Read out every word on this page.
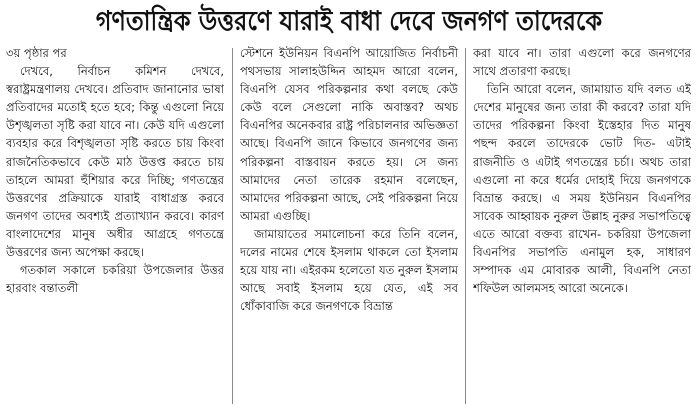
গণতান্ত্রিক উত্তরণে যারাই বাধা দেবে জনগণ তাদেরকে

৩য় পৃষ্ঠার পর

দেখবে, নির্বাচন কমিশন দেখবে, স্বরাষ্ট্রমন্ত্রণালয় দেখবে। প্রতিবাদ জানানোর ভাষা প্রতিবাদের মতোই হতে হবে; কিন্তু এগুলো নিয়ে উশৃঙ্খলতা সৃষ্টি করা যাবে না। কেউ যদি এগুলো ব্যবহার করে বিশৃঙ্খলতা সৃষ্টি করতে চায় কিংবা রাজনৈতিকভাবে কেউ মাঠ উত্তপ্ত করতে চায় তাহলে আমরা হুঁশিয়ার করে দিচ্ছি; গণতন্ত্রের উত্তরণের প্রক্রিয়াকে যারাই বাধাগ্রস্ত করবে জনগণ তাদের অবশ্যই প্রত্যাখ্যান করবে। কারণ বাংলাদেশের মানুষ অধীর আগ্রহে গণতন্ত্রে উত্তরণের জন্য অপেক্ষা করছে।

গতকাল সকালে চকরিয়া উপজেলার উত্তর হারবাং বন্তাতলী

স্টেশনে ইউনিয়ন বিএনপি আয়োজিত নির্বাচনী পথসভায় সালাহউদ্দিন আহমদ আরো বলেন, বিএনপি যেসব পরিকল্পনার কথা বলছে কেউ কেউ বলে সেগুলো নাকি অবাস্তব? অথচ বিএনপির অনেকবার রাষ্ট্র পরিচালনার অভিজ্ঞতা আছে। বিএনপি জানে কিভাবে জনগণের জন্য পরিকল্পনা বাস্তবায়ন করতে হয়। সে জন্য আমাদের নেতা তারেক রহমান বলেছেন, আমাদের পরিকল্পনা আছে, সেই পরিকল্পনা নিয়ে আমরা এগুচ্ছি।

জামায়াতের সমালোচনা করে তিনি বলেন, দলের নামের শেষে ইসলাম থাকলে তো ইসলাম হয়ে যায় না। এইরকম হলেতো যত নুরুল ইসলাম আছে সবাই ইসলাম হয়ে যেত, এই সব ধোঁকাবাজি করে জনগণকে বিভ্রান্ত

করা যাবে না। তারা এগুলো করে জনগণের সাথে প্রতারণা করছে।

তিনি আরো বলেন, জামায়াত যদি বলত এই দেশের মানুষের জন্য তারা কী করবে? তারা যদি তাদের পরিকল্পনা কিংবা ইস্তেহার দিত মানুষ পছন্দ করলে তাদেরকে ভোট দিত- এটাই রাজনীতি ও এটাই গণতন্ত্রের চর্চা। অথচ তারা এগুলো না করে ধর্মের দোহাই দিয়ে জনগণকে বিভ্রান্ত করছে। এ সময় ইউনিয়ন বিএনপির সাবেক আহ্বায়ক নুরুল উল্লাহ নুরুর সভাপতিত্বে এতে আরো বক্তব্য রাখেন- চকরিয়া উপজেলা বিএনপির সভাপতি এনামুল হক, সাধারণ সম্পাদক এম মোবারক আলী, বিএনপি নেতা শফিউল আলমসহ আরো অনেকে।
